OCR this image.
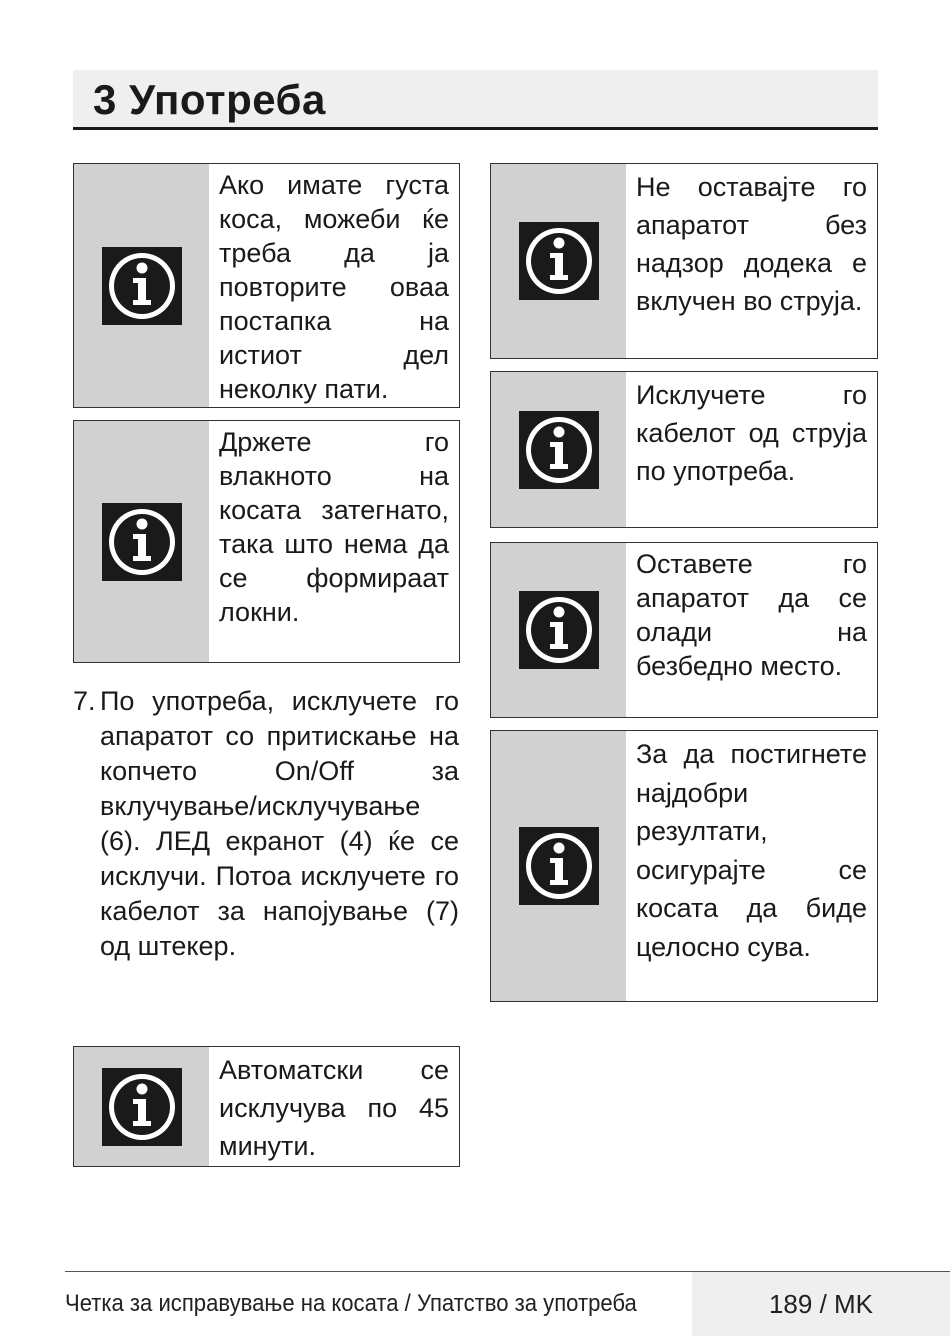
3 Употреба
Ако имате густа коса, можеби ќе треба да ја повторите оваа постапка на истиот дел неколку пати.
Држете го влакното на косата затегнато, така што нема да се формираат локни.
7. По употреба, исклучете го апаратот со притискање на копчето On/Off за вклучување/исклучување (6). ЛЕД екранот (4) ќе се исклучи. Потоа исклучете го кабелот за напојување (7) од штекер.
Автоматски се исклучува по 45 минути.
Не оставајте го апаратот без надзор додека е вклучен во струја.
Исклучете го кабелот од струја по употреба.
Оставете го апаратот да се олади на безбедно место.
За да постигнете најдобри резултати, осигурајте се косата да биде целосно сува.
Четка за исправување на косата / Упатство за употреба	189 / MK
